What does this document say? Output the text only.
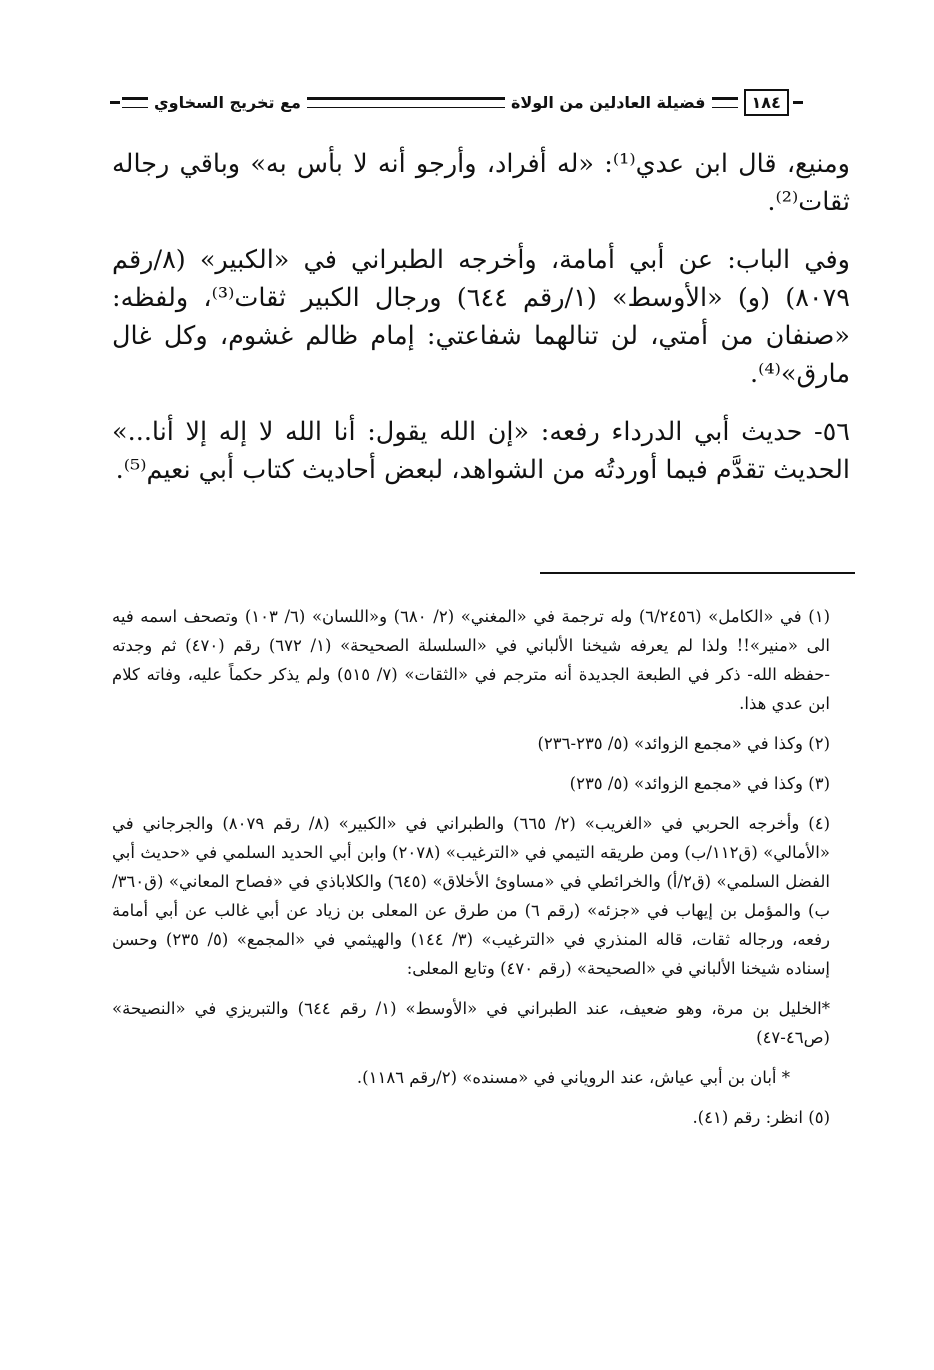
مع تخريج السخاوي	فضيلة العادلين من الولاة	١٨٤

ومنيع، قال ابن عدي⁽¹⁾: «له أفراد، وأرجو أنه لا بأس به» وباقي رجاله ثقات⁽²⁾.

وفي الباب: عن أبي أمامة، وأخرجه الطبراني في «الكبير» (٨/رقم ٨٠٧٩) (و) «الأوسط» (١/رقم ٦٤٤) ورجال الكبير ثقات⁽³⁾، ولفظه: «صنفان من أمتي، لن تنالهما شفاعتي: إمام ظالم غشوم، وكل غال مارق»⁽⁴⁾.

٥٦- حديث أبي الدرداء رفعه: «إن الله يقول: أنا الله لا إله إلا أنا...» الحديث تقدَّم فيما أوردتُه من الشواهد، لبعض أحاديث كتاب أبي نعيم⁽⁵⁾.

(١) في «الكامل» (٦/٢٤٥٦) وله ترجمة في «المغني» (٢/ ٦٨٠) و«اللسان» (٦/ ١٠٣) وتصحف اسمه فيه الى «منير»!! ولذا لم يعرفه شيخنا الألباني في «السلسلة الصحيحة» (١/ ٦٧٢) رقم (٤٧٠) ثم وجدته -حفظه الله- ذكر في الطبعة الجديدة أنه مترجم في «الثقات» (٧/ ٥١٥) ولم يذكر حكماً عليه، وفاته كلام ابن عدي هذا.

(٢) وكذا في «مجمع الزوائد» (٥/ ٢٣٥-٢٣٦)

(٣) وكذا في «مجمع الزوائد» (٥/ ٢٣٥)

(٤) وأخرجه الحربي في «الغريب» (٢/ ٦٦٥) والطبراني في «الكبير» (٨/ رقم ٨٠٧٩) والجرجاني في «الأمالي» (ق١١٢/ب) ومن طريقه التيمي في «الترغيب» (٢٠٧٨) وابن أبي الحديد السلمي في «حديث أبي الفضل السلمي» (ق٢/أ) والخرائطي في «مساوئ الأخلاق» (٦٤٥) والكلاباذي في «فصاح المعاني» (ق٣٦٠/ب) والمؤمل بن إيهاب في «جزئه» (رقم ٦) من طرق عن المعلى بن زياد عن أبي غالب عن أبي أمامة رفعه، ورجاله ثقات، قاله المنذري في «الترغيب» (٣/ ١٤٤) والهيثمي في «المجمع» (٥/ ٢٣٥) وحسن إسناده شيخنا الألباني في «الصحيحة» (رقم ٤٧٠) وتابع المعلى:

*الخليل بن مرة، وهو ضعيف، عند الطبراني في «الأوسط» (١/ رقم ٦٤٤) والتبريزي في «النصيحة» (ص٤٦-٤٧)

* أبان بن أبي عياش، عند الروياني في «مسنده» (٢/رقم ١١٨٦).

(٥) انظر: رقم (٤١).
